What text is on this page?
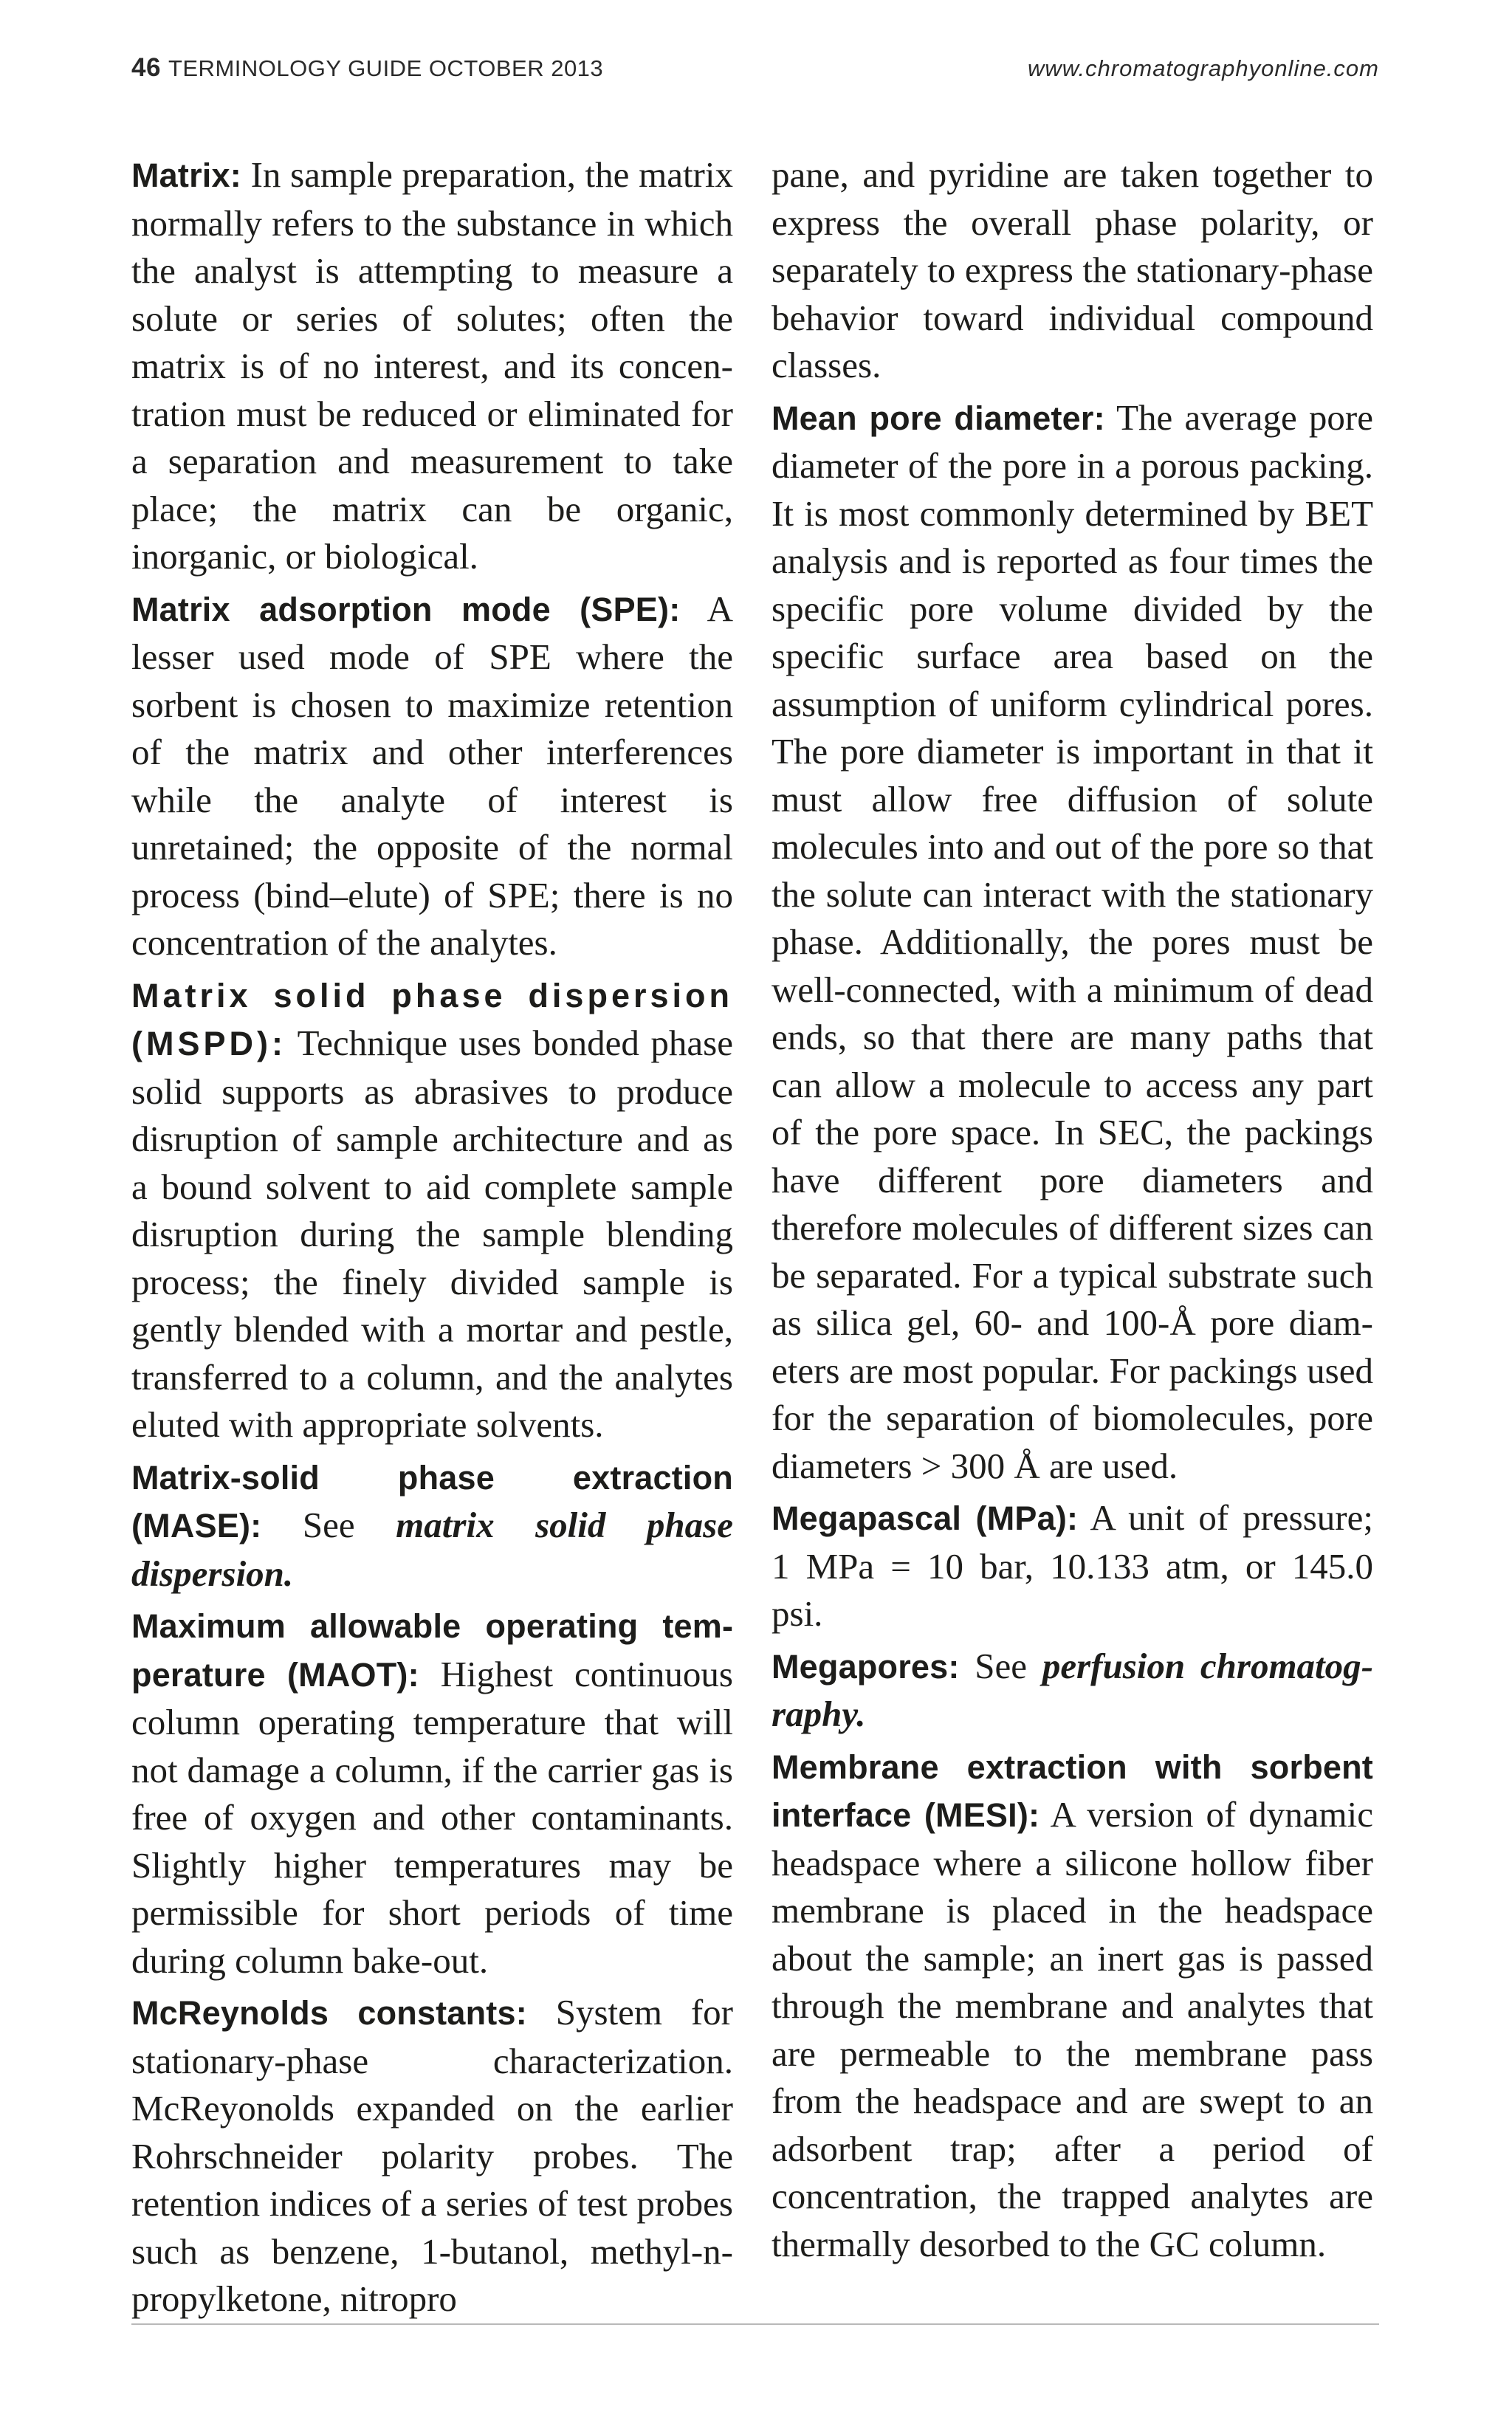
46 TERMINOLOGY GUIDE OCTOBER 2013	www.chromatographyonline.com

Matrix: In sample preparation, the matrix normally refers to the substance in which the analyst is attempting to measure a solute or series of solutes; often the matrix is of no interest, and its concentration must be reduced or eliminated for a separation and measurement to take place; the matrix can be organic, inorganic, or biological.

Matrix adsorption mode (SPE): A lesser used mode of SPE where the sorbent is chosen to maximize retention of the matrix and other interferences while the analyte of interest is unretained; the opposite of the normal process (bind–elute) of SPE; there is no concentration of the analytes.

Matrix solid phase dispersion (MSPD): Technique uses bonded phase solid supports as abrasives to produce disruption of sample architecture and as a bound solvent to aid complete sample disruption during the sample blending process; the finely divided sample is gently blended with a mortar and pestle, transferred to a column, and the analytes eluted with appropriate solvents.

Matrix-solid phase extraction (MASE): See matrix solid phase dispersion.

Maximum allowable operating temperature (MAOT): Highest continuous column operating temperature that will not damage a column, if the carrier gas is free of oxygen and other contaminants. Slightly higher temperatures may be permissible for short periods of time during column bake-out.

McReynolds constants: System for stationary-phase characterization. McReyonolds expanded on the earlier Rohrschneider polarity probes. The retention indices of a series of test probes such as benzene, 1-butanol, methyl-n-propylketone, nitropro

pane, and pyridine are taken together to express the overall phase polarity, or separately to express the stationary-phase behavior toward individual compound classes.

Mean pore diameter: The average pore diameter of the pore in a porous packing. It is most commonly determined by BET analysis and is reported as four times the specific pore volume divided by the specific surface area based on the assumption of uniform cylindrical pores. The pore diameter is important in that it must allow free diffusion of solute molecules into and out of the pore so that the solute can interact with the stationary phase. Additionally, the pores must be well-connected, with a minimum of dead ends, so that there are many paths that can allow a molecule to access any part of the pore space. In SEC, the packings have different pore diameters and therefore molecules of different sizes can be separated. For a typical substrate such as silica gel, 60- and 100-Å pore diameters are most popular. For packings used for the separation of biomolecules, pore diameters > 300 Å are used.

Megapascal (MPa): A unit of pressure; 1 MPa = 10 bar, 10.133 atm, or 145.0 psi.

Megapores: See perfusion chromatography.

Membrane extraction with sorbent interface (MESI): A version of dynamic headspace where a silicone hollow fiber membrane is placed in the headspace about the sample; an inert gas is passed through the membrane and analytes that are permeable to the membrane pass from the headspace and are swept to an adsorbent trap; after a period of concentration, the trapped analytes are thermally desorbed to the GC column.
